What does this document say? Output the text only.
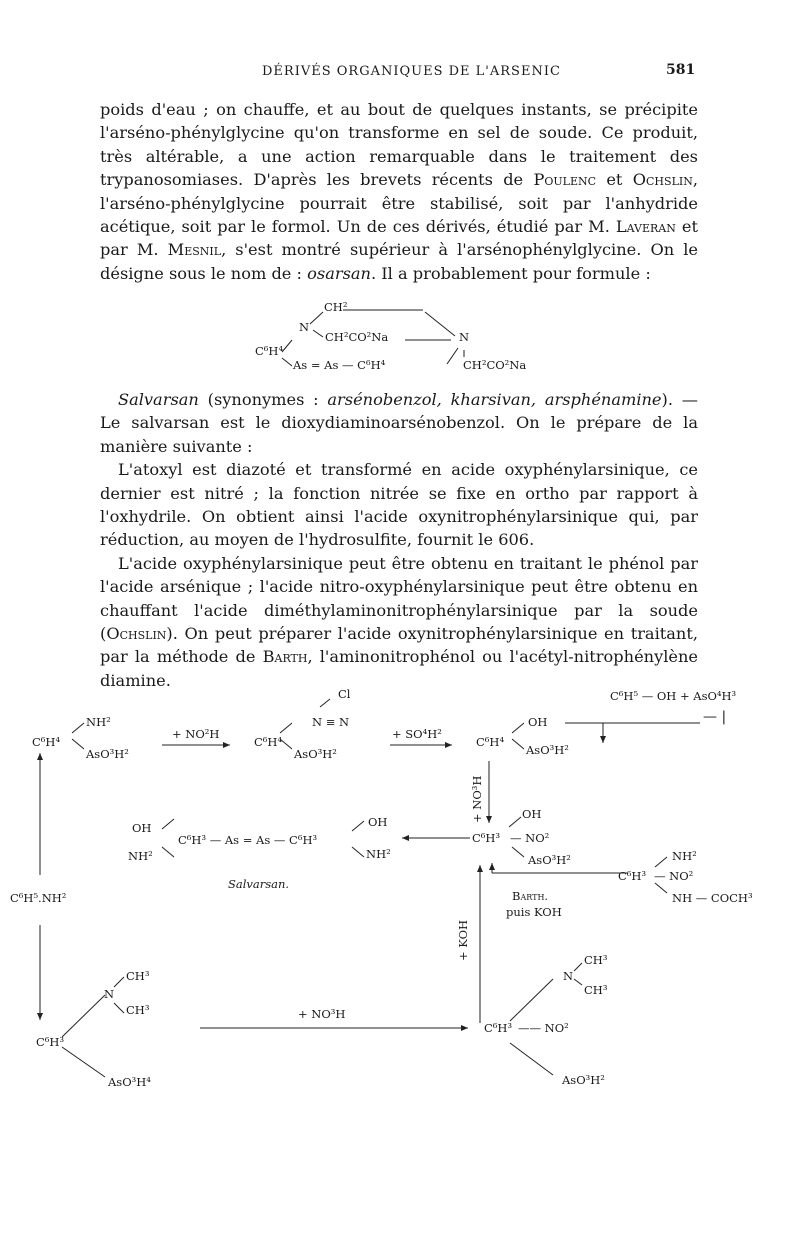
DÉRIVÉS ORGANIQUES DE L'ARSENIC	581

poids d'eau ; on chauffe, et au bout de quelques instants, se précipite l'arséno-phénylglycine qu'on transforme en sel de soude. Ce produit, très altérable, a une action remarquable dans le traitement des trypanosomiases. D'après les brevets récents de Poulenc et Ochslin, l'arséno-phénylglycine pourrait être stabilisé, soit par l'anhydride acétique, soit par le formol. Un de ces dérivés, étudié par M. Laveran et par M. Mesnil, s'est montré supérieur à l'arsénophénylglycine. On le désigne sous le nom de : osarsan. Il a probablement pour formule :

CH²
N
CH²CO²Na	N
C⁶H⁴
As = As — C⁶H⁴	CH²CO²Na

Salvarsan (synonymes : arsénobenzol, kharsivan, arsphénamine). — Le salvarsan est le dioxydiaminoarsénobenzol. On le prépare de la manière suivante :

L'atoxyl est diazoté et transformé en acide oxyphénylarsinique, ce dernier est nitré ; la fonction nitrée se fixe en ortho par rapport à l'oxhydrile. On obtient ainsi l'acide oxynitrophénylarsinique qui, par réduction, au moyen de l'hydrosulfite, fournit le 606.

L'acide oxyphénylarsinique peut être obtenu en traitant le phénol par l'acide arsénique ; l'acide nitro-oxyphénylarsinique peut être obtenu en chauffant l'acide diméthylaminonitrophénylarsinique par la soude (Ochslin). On peut préparer l'acide oxynitrophénylarsinique en traitant, par la méthode de Barth, l'aminonitrophénol ou l'acétyl-nitrophénylène diamine.

C⁶H⁵ — OH + AsO⁴H³
— |
C⁶H⁴
NH²
AsO³H²
+ NO²H
Cl
N ≡ N
C⁶H⁴
AsO³H²
+ SO⁴H²
C⁶H⁴
OH
AsO³H²
+ NO³H
OH
NH²
C⁶H³ — As = As — C⁶H³
OH
NH²
Salvarsan.
C⁶H³
OH
— NO²
AsO³H²
C⁶H³
NH²
— NO²
NH — COCH³
Barth.
puis KOH
C⁶H⁵.NH²
+ KOH
C⁶H³
N
CH³
CH³	+ NO³H
AsO³H⁴
C⁶H³
N
CH³
CH³
—— NO²
AsO³H²
